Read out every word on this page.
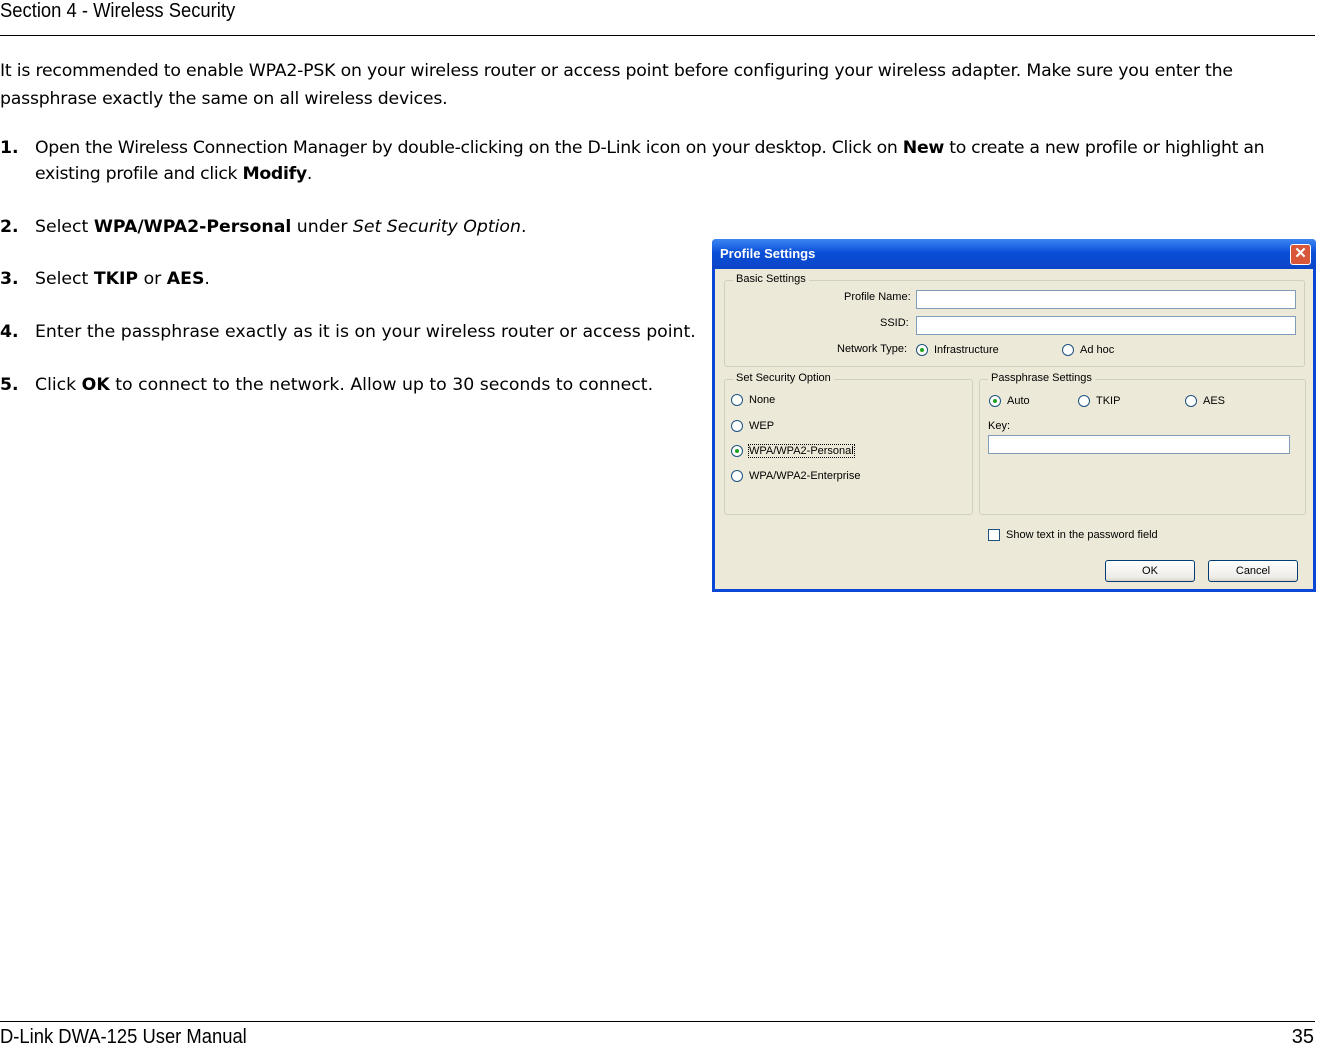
Section 4 - Wireless Security
It is recommended to enable WPA2-PSK on your wireless router or access point before configuring your wireless adapter. Make sure you enter the passphrase exactly the same on all wireless devices.
1. Open the Wireless Connection Manager by double-clicking on the D-Link icon on your desktop. Click on New to create a new profile or highlight an existing profile and click Modify.
2. Select WPA/WPA2-Personal under Set Security Option.
3. Select TKIP or AES.
4. Enter the passphrase exactly as it is on your wireless router or access point.
5. Click OK to connect to the network. Allow up to 30 seconds to connect.
Profile Settings	✕
Basic Settings
Profile Name:
SSID:
Network Type:	Infrastructure	Ad hoc
Set Security Option
None
WEP
WPA/WPA2-Personal
WPA/WPA2-Enterprise
Passphrase Settings
Auto	TKIP	AES
Key:
Show text in the password field
OK	Cancel
D-Link DWA-125 User Manual	35
